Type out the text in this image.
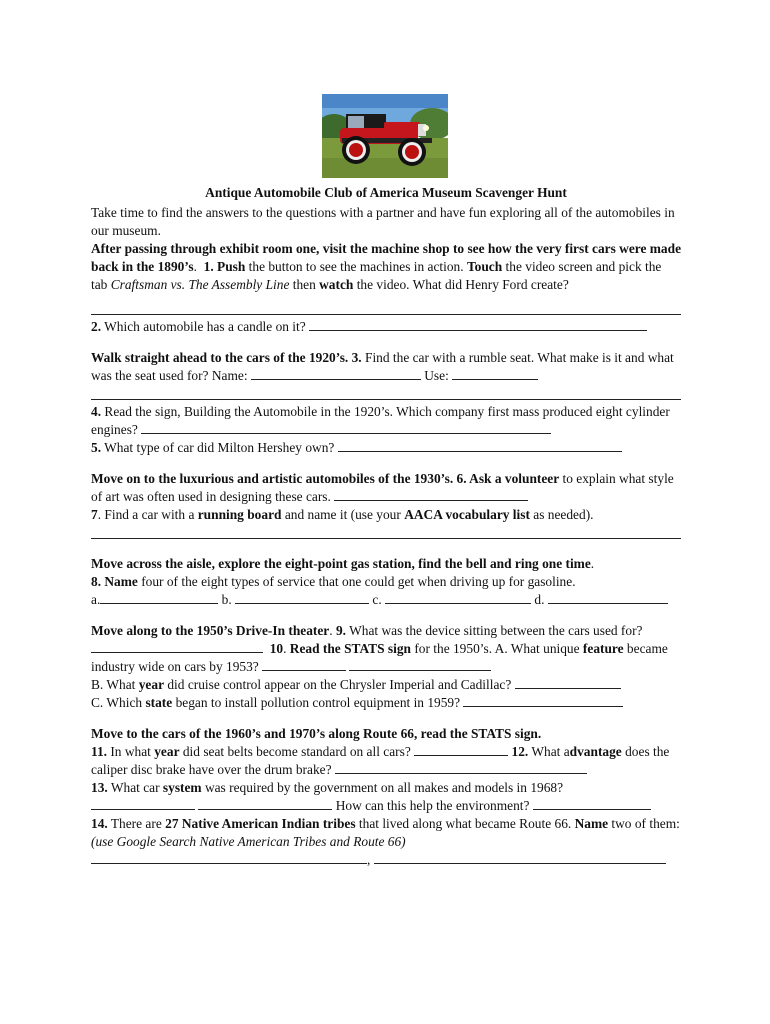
Antique Automobile Club of America Museum Scavenger Hunt

Take time to find the answers to the questions with a partner and have fun exploring all of the automobiles in our museum.

After passing through exhibit room one, visit the machine shop to see how the very first cars were made back in the 1890’s. 1. Push the button to see the machines in action. Touch the video screen and pick the tab Craftsman vs. The Assembly Line then watch the video. What did Henry Ford create?

2. Which automobile has a candle on it?

Walk straight ahead to the cars of the 1920’s. 3. Find the car with a rumble seat. What make is it and what was the seat used for? Name:	Use:

4. Read the sign, Building the Automobile in the 1920’s. Which company first mass produced eight cylinder engines?

5. What type of car did Milton Hershey own?

Move on to the luxurious and artistic automobiles of the 1930’s. 6. Ask a volunteer to explain what style of art was often used in designing these cars.
7. Find a car with a running board and name it (use your AACA vocabulary list as needed).

Move across the aisle, explore the eight-point gas station, find the bell and ring one time.
8. Name four of the eight types of service that one could get when driving up for gasoline.
a.	b.	c.	d.

Move along to the 1950’s Drive-In theater. 9. What was the device sitting between the cars used for?   10. Read the STATS sign for the 1950’s. A. What unique feature became industry wide on cars by 1953?
B. What year did cruise control appear on the Chrysler Imperial and Cadillac?
C. Which state began to install pollution control equipment in 1959?

Move to the cars of the 1960’s and 1970’s along Route 66, read the STATS sign.
11. In what year did seat belts become standard on all cars?	12. What advantage does the caliper disc brake have over the drum brake?
13. What car system was required by the government on all makes and models in 1968?
How can this help the environment?
14. There are 27 Native American Indian tribes that lived along what became Route 66. Name two of them: (use Google Search Native American Tribes and Route 66)
,
